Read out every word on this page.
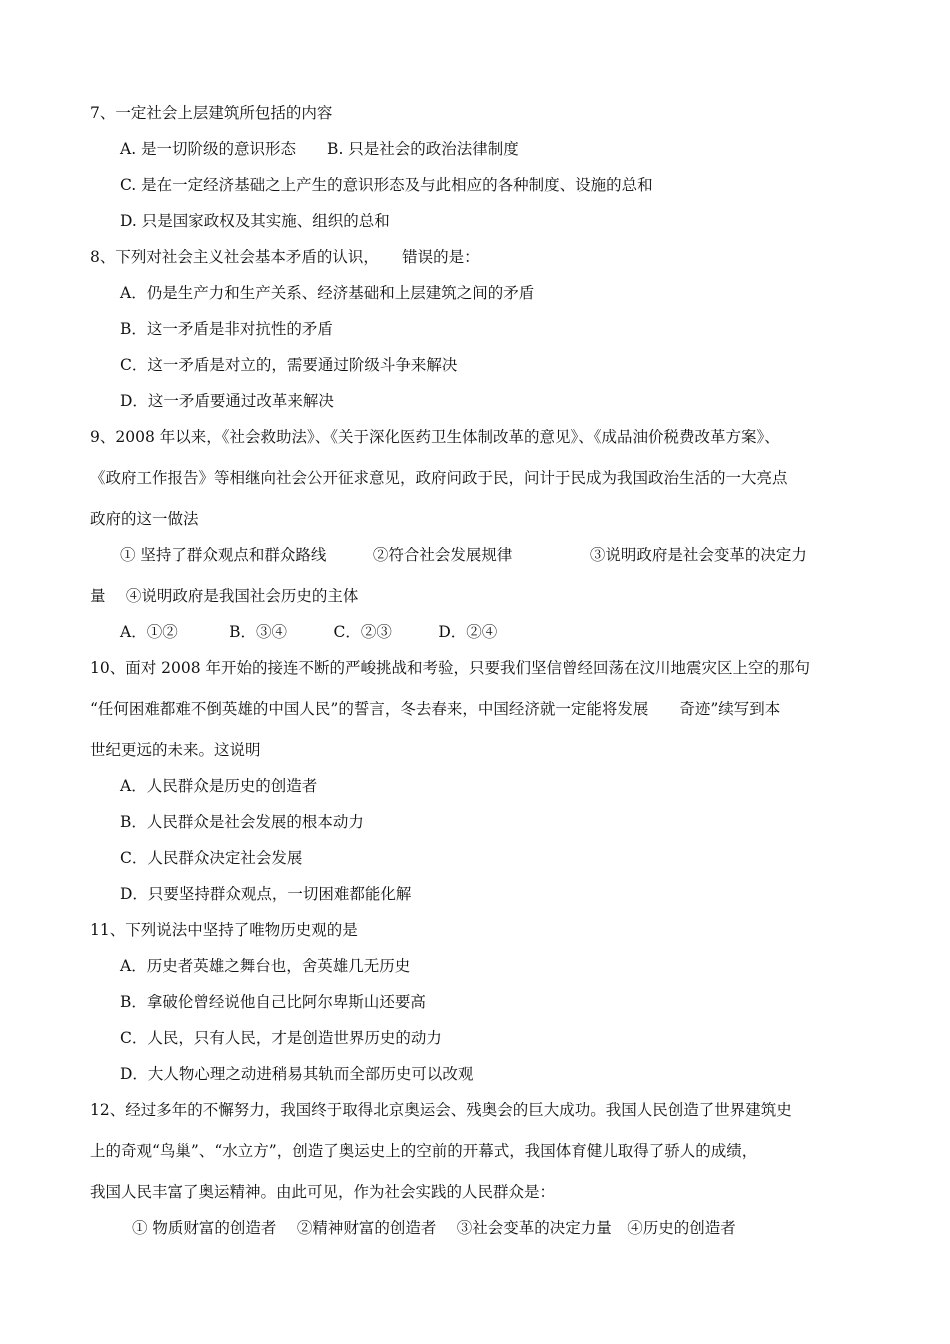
7、一定社会上层建筑所包括的内容
A. 是一切阶级的意识形态　　B. 只是社会的政治法律制度
C. 是在一定经济基础之上产生的意识形态及与此相应的各种制度、设施的总和
D. 只是国家政权及其实施、组织的总和
8、下列对社会主义社会基本矛盾的认识，　　错误的是：
A．仍是生产力和生产关系、经济基础和上层建筑之间的矛盾
B．这一矛盾是非对抗性的矛盾
C．这一矛盾是对立的，需要通过阶级斗争来解决
D．这一矛盾要通过改革来解决
9、2008 年以来，《社会救助法》、《关于深化医药卫生体制改革的意见》、《成品油价税费改革方案》、
《政府工作报告》等相继向社会公开征求意见，政府问政于民，问计于民成为我国政治生活的一大亮点
政府的这一做法
① 坚持了群众观点和群众路线　　　②符合社会发展规律　　　　　③说明政府是社会变革的决定力
量　 ④说明政府是我国社会历史的主体
A．①②　　　 B．③④　　　C．②③　　　D．②④
10、面对 2008 年开始的接连不断的严峻挑战和考验，只要我们坚信曾经回荡在汶川地震灾区上空的那句
“任何困难都难不倒英雄的中国人民”的誓言，冬去春来，中国经济就一定能将发展　　奇迹”续写到本
世纪更远的未来。这说明
A．人民群众是历史的创造者
B．人民群众是社会发展的根本动力
C．人民群众决定社会发展
D．只要坚持群众观点，一切困难都能化解
11、下列说法中坚持了唯物历史观的是
A．历史者英雄之舞台也，舍英雄几无历史
B．拿破伦曾经说他自己比阿尔卑斯山还要高
C．人民，只有人民，才是创造世界历史的动力
D．大人物心理之动进稍易其轨而全部历史可以改观
12、经过多年的不懈努力，我国终于取得北京奥运会、残奥会的巨大成功。我国人民创造了世界建筑史
上的奇观“鸟巢”、“水立方”，创造了奥运史上的空前的开幕式，我国体育健儿取得了骄人的成绩，
我国人民丰富了奥运精神。由此可见，作为社会实践的人民群众是：
① 物质财富的创造者　 ②精神财富的创造者　 ③社会变革的决定力量　④历史的创造者
